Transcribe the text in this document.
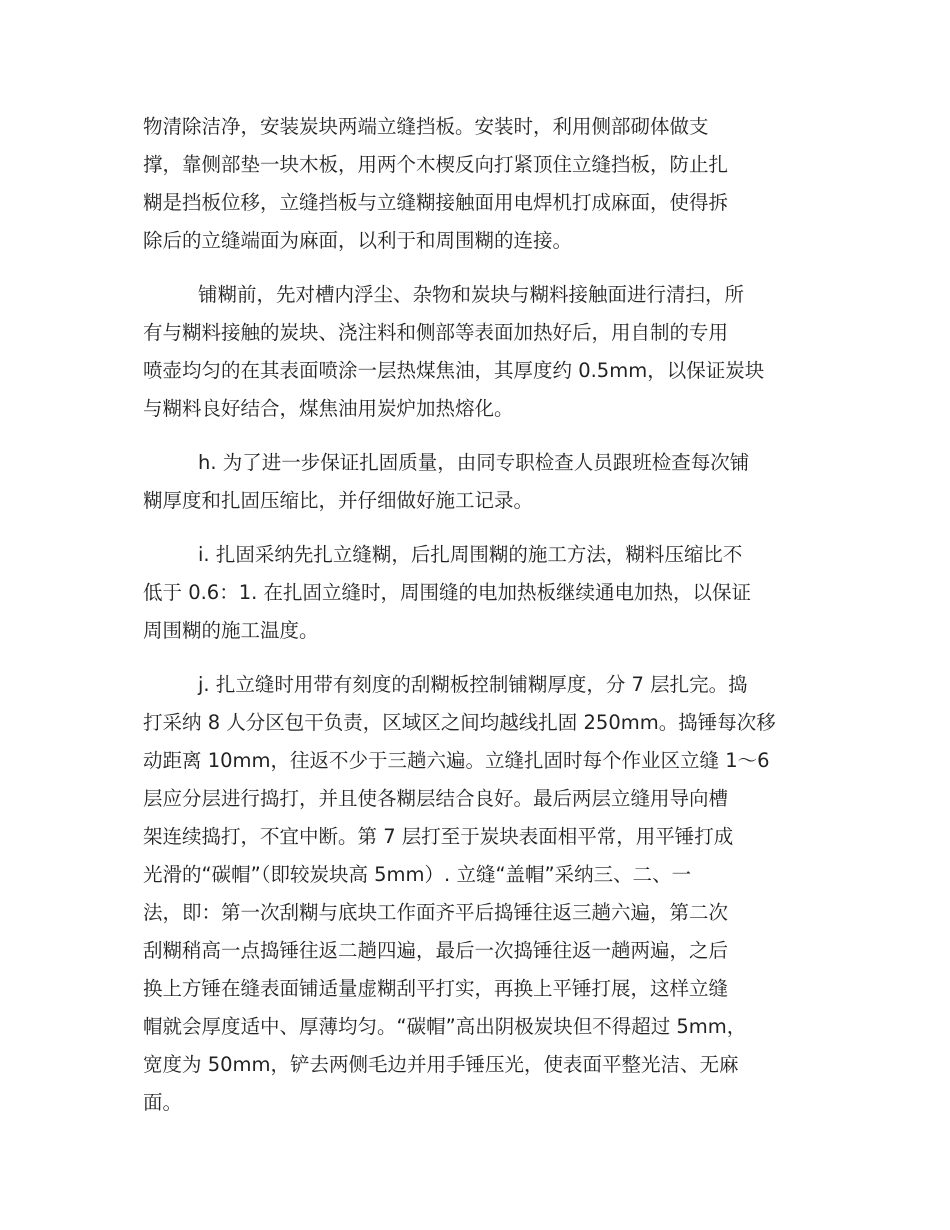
物清除洁净，安装炭块两端立缝挡板。安装时，利用侧部砌体做支
撑，靠侧部垫一块木板，用两个木楔反向打紧顶住立缝挡板，防止扎
糊是挡板位移，立缝挡板与立缝糊接触面用电焊机打成麻面，使得拆
除后的立缝端面为麻面，以利于和周围糊的连接。
铺糊前，先对槽内浮尘、杂物和炭块与糊料接触面进行清扫，所
有与糊料接触的炭块、浇注料和侧部等表面加热好后，用自制的专用
喷壶均匀的在其表面喷涂一层热煤焦油，其厚度约 0.5mm，以保证炭块
与糊料良好结合，煤焦油用炭炉加热熔化。
h. 为了进一步保证扎固质量，由同专职检查人员跟班检查每次铺
糊厚度和扎固压缩比，并仔细做好施工记录。
i. 扎固采纳先扎立缝糊，后扎周围糊的施工方法，糊料压缩比不
低于 0.6：1. 在扎固立缝时，周围缝的电加热板继续通电加热，以保证
周围糊的施工温度。
j. 扎立缝时用带有刻度的刮糊板控制铺糊厚度，分 7 层扎完。捣
打采纳 8 人分区包干负责，区域区之间均越线扎固 250mm。捣锤每次移
动距离 10mm，往返不少于三趟六遍。立缝扎固时每个作业区立缝 1～6
层应分层进行捣打，并且使各糊层结合良好。最后两层立缝用导向槽
架连续捣打，不宜中断。第 7 层打至于炭块表面相平常，用平锤打成
光滑的“碳帽”（即较炭块高 5mm）. 立缝“盖帽”采纳三、二、一
法，即：第一次刮糊与底块工作面齐平后捣锤往返三趟六遍，第二次
刮糊稍高一点捣锤往返二趟四遍，最后一次捣锤往返一趟两遍，之后
换上方锤在缝表面铺适量虚糊刮平打实，再换上平锤打展，这样立缝
帽就会厚度适中、厚薄均匀。“碳帽”高出阴极炭块但不得超过 5mm，
宽度为 50mm，铲去两侧毛边并用手锤压光，使表面平整光洁、无麻
面。
